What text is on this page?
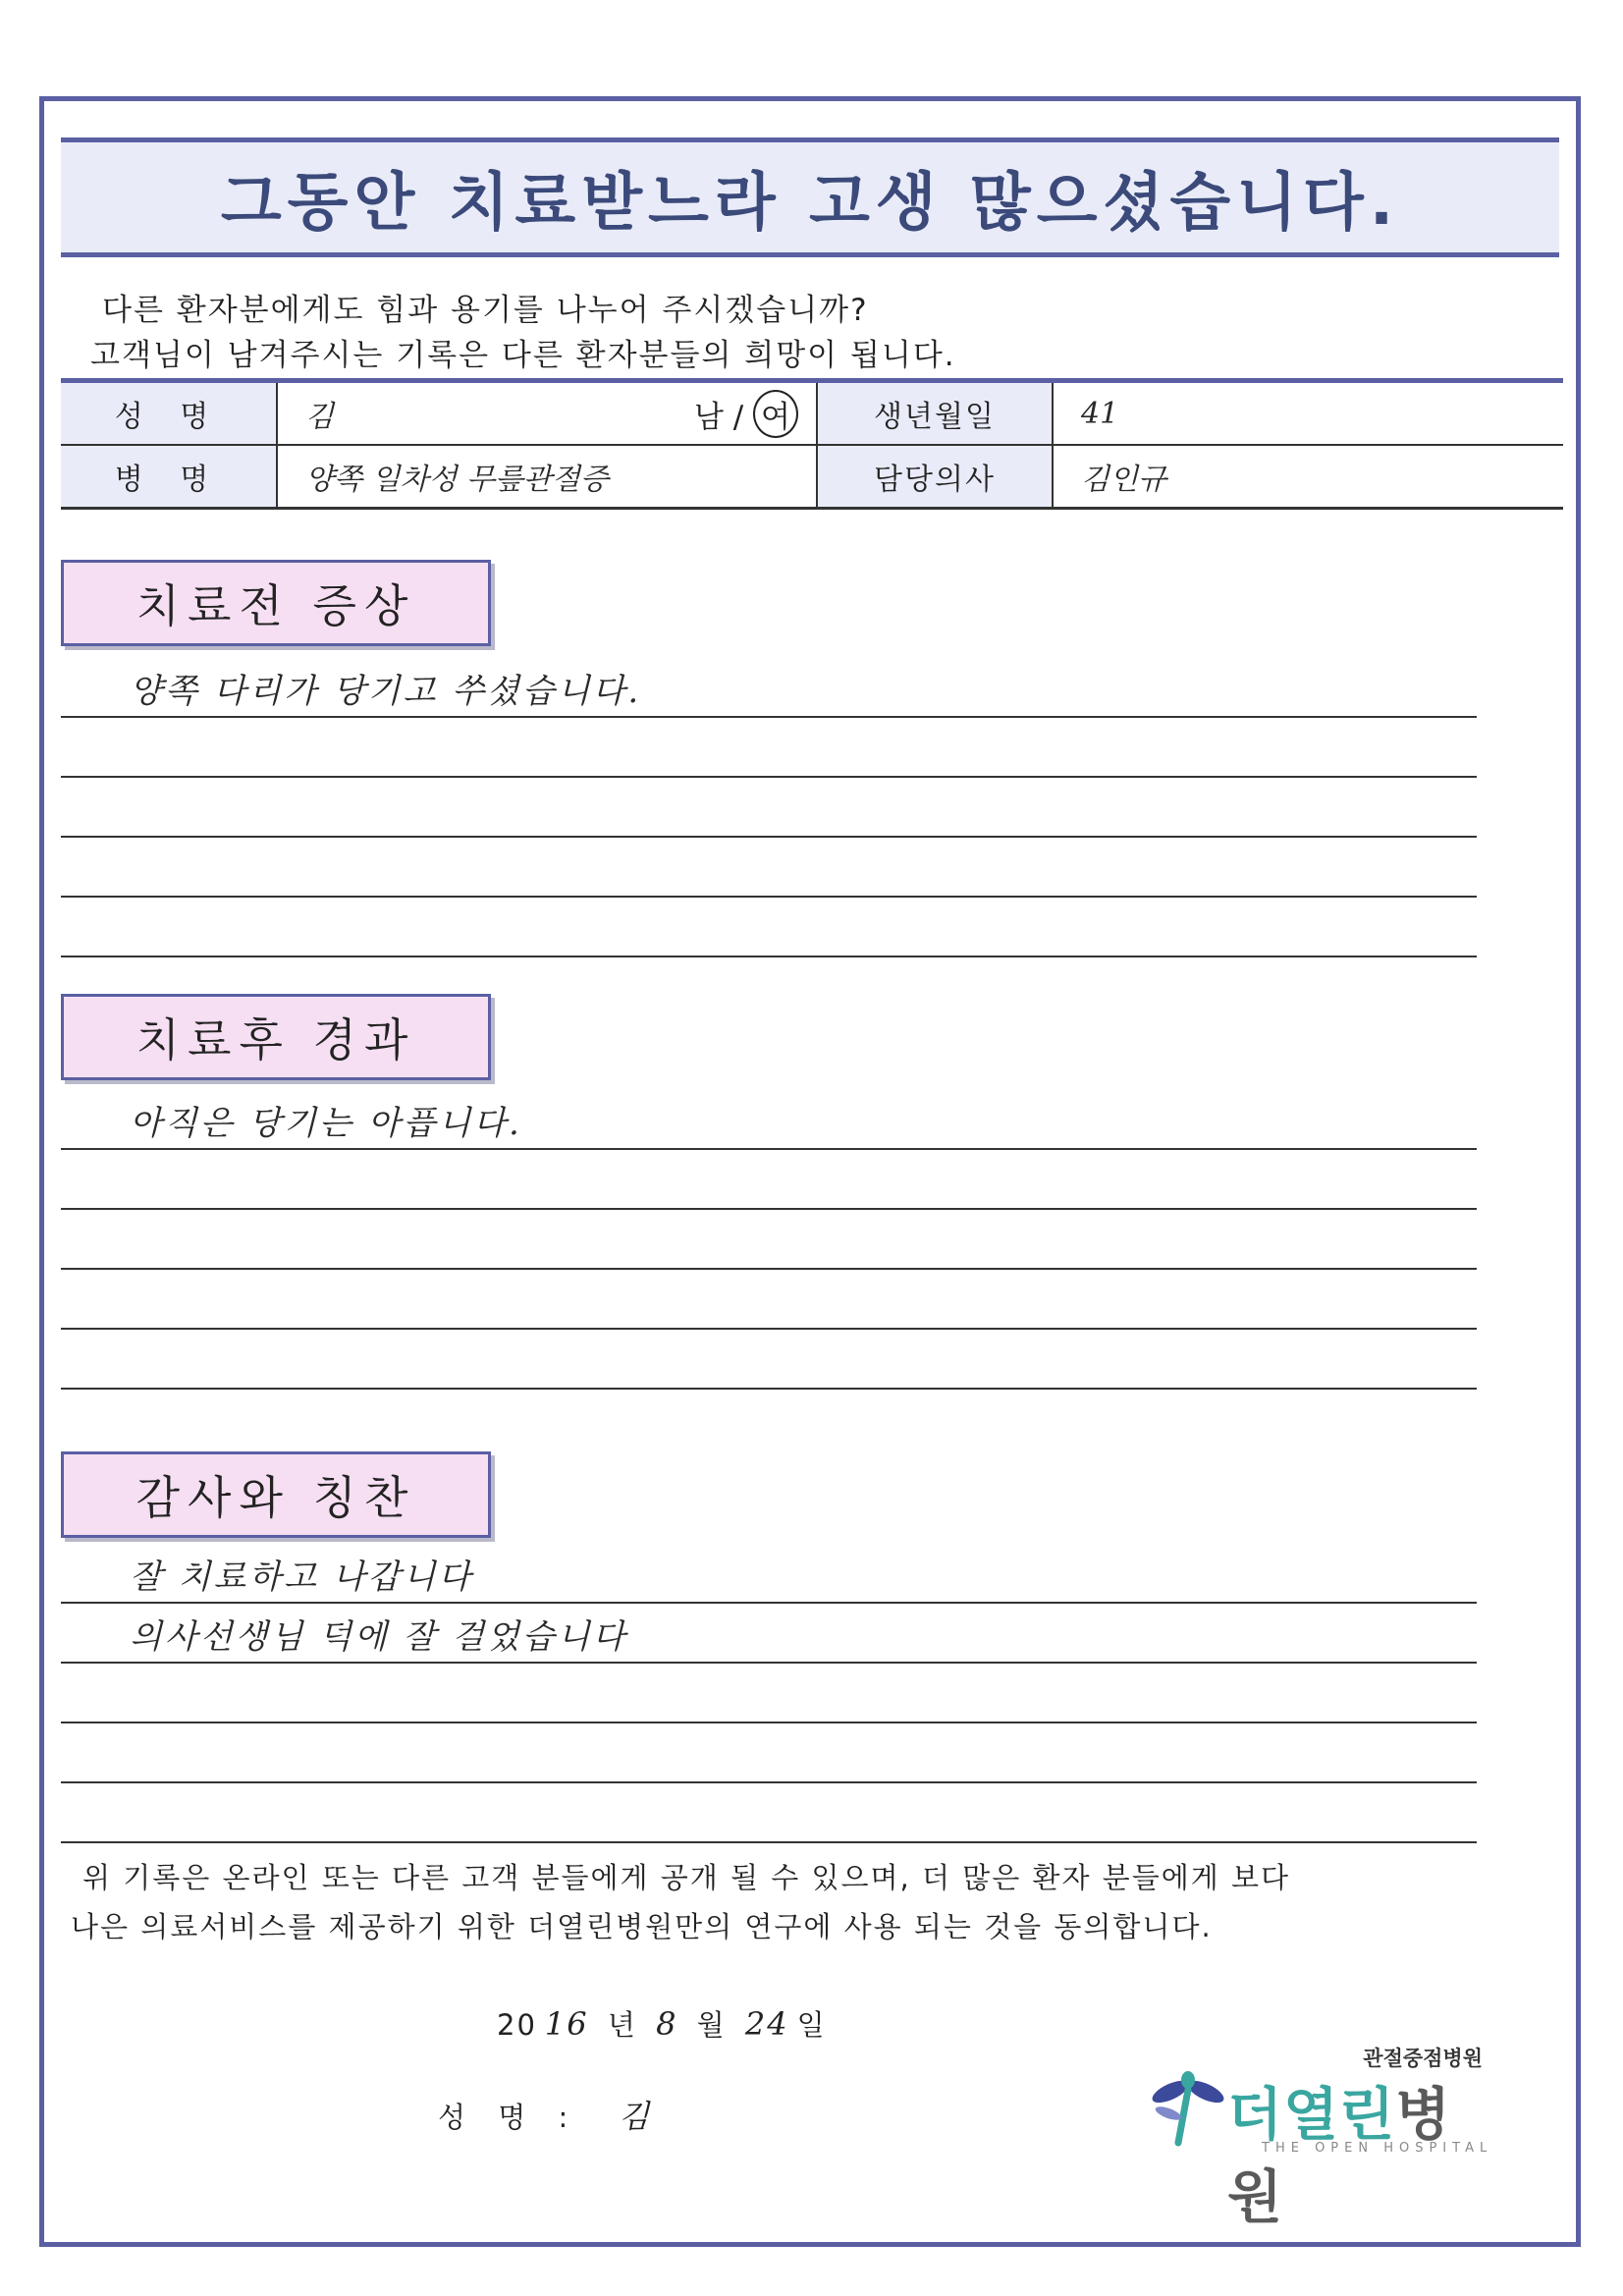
그동안 치료받느라 고생 많으셨습니다.
다른 환자분에게도 힘과 용기를 나누어 주시겠습니까?
고객님이 남겨주시는 기록은 다른 환자분들의 희망이 됩니다.
성 명	김 남 / 여	생년월일	41
병 명	양쪽 일차성 무릎관절증	담당의사	김인규
치료전 증상
양쪽 다리가 당기고 쑤셨습니다.
치료후 경과
아직은 당기는 아픕니다.
감사와 칭찬
잘 치료하고 나갑니다
의사선생님 덕에 잘 걸었습니다
위 기록은 온라인 또는 다른 고객 분들에게 공개 될 수 있으며, 더 많은 환자 분들에게 보다
나은 의료서비스를 제공하기 위한 더열린병원만의 연구에 사용 되는 것을 동의합니다.
20 16 년 8 월 24 일
성 명 : 김
관절중점병원
더열린병원
THE OPEN HOSPITAL
